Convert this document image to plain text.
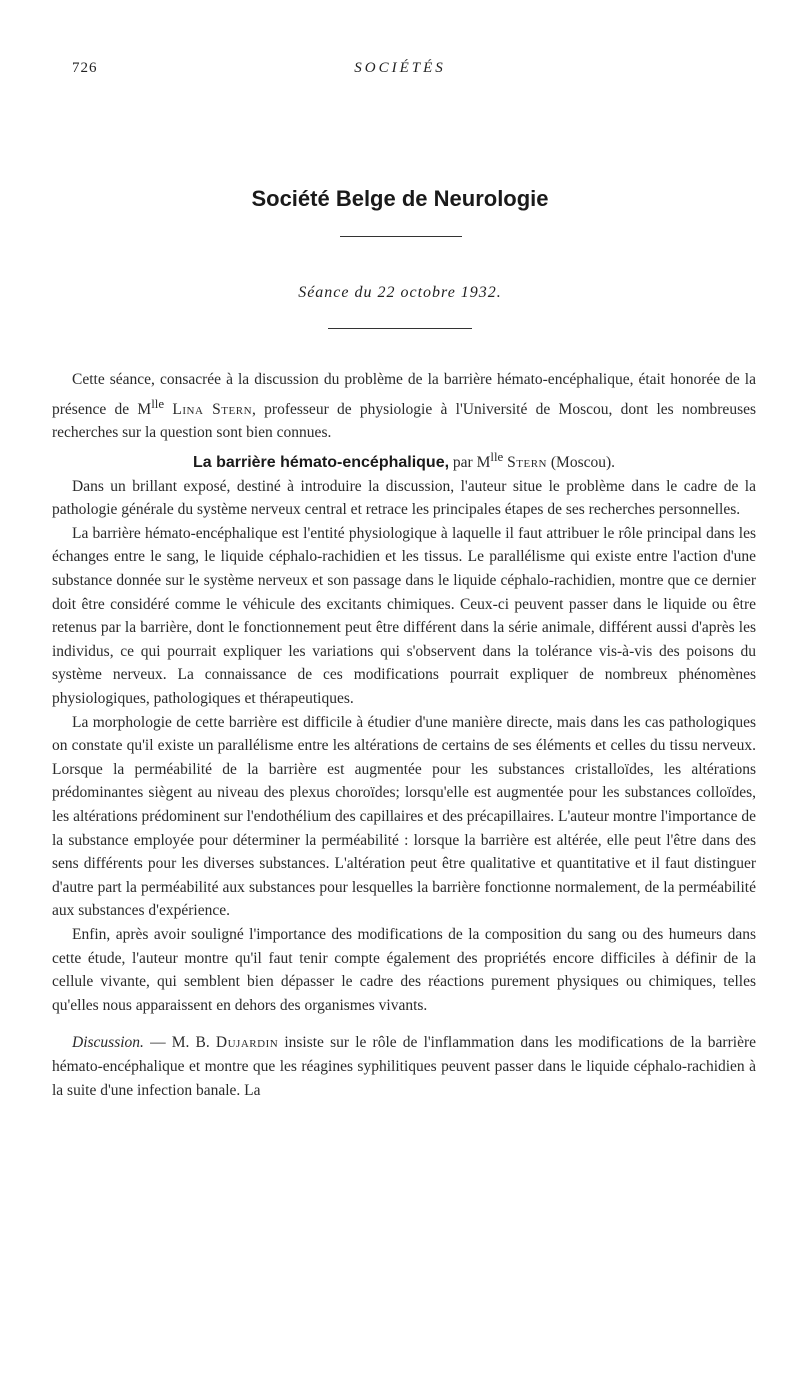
726	SOCIÉTÉS
Société Belge de Neurologie
Séance du 22 octobre 1932.

Cette séance, consacrée à la discussion du problème de la barrière hémato-encéphalique, était honorée de la présence de $M^{lle}$ Lina Stern, professeur de physiologie à l'Université de Moscou, dont les nombreuses recherches sur la question sont bien connues.

La barrière hémato-encéphalique, par $M^{lle}$ Stern (Moscou).

Dans un brillant exposé, destiné à introduire la discussion, l'auteur situe le problème dans le cadre de la pathologie générale du système nerveux central et retrace les principales étapes de ses recherches personnelles.

La barrière hémato-encéphalique est l'entité physiologique à laquelle il faut attribuer le rôle principal dans les échanges entre le sang, le liquide céphalo-rachidien et les tissus. Le parallélisme qui existe entre l'action d'une substance donnée sur le système nerveux et son passage dans le liquide céphalo-rachidien, montre que ce dernier doit être considéré comme le véhicule des excitants chimiques. Ceux-ci peuvent passer dans le liquide ou être retenus par la barrière, dont le fonctionnement peut être différent dans la série animale, différent aussi d'après les individus, ce qui pourrait expliquer les variations qui s'observent dans la tolérance vis-à-vis des poisons du système nerveux. La connaissance de ces modifications pourrait expliquer de nombreux phénomènes physiologiques, pathologiques et thérapeutiques.

La morphologie de cette barrière est difficile à étudier d'une manière directe, mais dans les cas pathologiques on constate qu'il existe un parallélisme entre les altérations de certains de ses éléments et celles du tissu nerveux. Lorsque la perméabilité de la barrière est augmentée pour les substances cristalloïdes, les altérations prédominantes siègent au niveau des plexus choroïdes; lorsqu'elle est augmentée pour les substances colloïdes, les altérations prédominent sur l'endothélium des capillaires et des précapillaires. L'auteur montre l'importance de la substance employée pour déterminer la perméabilité : lorsque la barrière est altérée, elle peut l'être dans des sens différents pour les diverses substances. L'altération peut être qualitative et quantitative et il faut distinguer d'autre part la perméabilité aux substances pour lesquelles la barrière fonctionne normalement, de la perméabilité aux substances d'expérience.

Enfin, après avoir souligné l'importance des modifications de la composition du sang ou des humeurs dans cette étude, l'auteur montre qu'il faut tenir compte également des propriétés encore difficiles à définir de la cellule vivante, qui semblent bien dépasser le cadre des réactions purement physiques ou chimiques, telles qu'elles nous apparaissent en dehors des organismes vivants.

Discussion. — M. B. Dujardin insiste sur le rôle de l'inflammation dans les modifications de la barrière hémato-encéphalique et montre que les réagines syphilitiques peuvent passer dans le liquide céphalo-rachidien à la suite d'une infection banale. La
